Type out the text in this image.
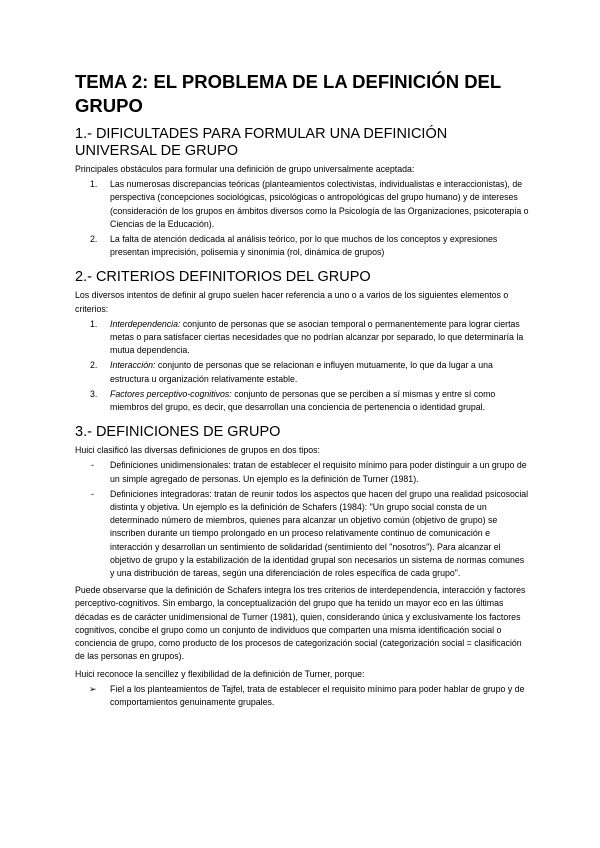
TEMA 2: EL PROBLEMA DE LA DEFINICIÓN DEL GRUPO
1.- DIFICULTADES PARA FORMULAR UNA DEFINICIÓN UNIVERSAL DE GRUPO

Principales obstáculos para formular una definición de grupo universalmente aceptada:

1.	Las numerosas discrepancias teóricas (planteamientos colectivistas, individualistas e interaccionistas), de perspectiva (concepciones sociológicas, psicológicas o antropológicas del grupo humano) y de intereses (consideración de los grupos en ámbitos diversos como la Psicología de las Organizaciones, psicoterapia o Ciencias de la Educación).
2.	La falta de atención dedicada al análisis teórico, por lo que muchos de los conceptos y expresiones presentan imprecisión, polisemia y sinonimia (rol, dinámica de grupos)
2.- CRITERIOS DEFINITORIOS DEL GRUPO

Los diversos intentos de definir al grupo suelen hacer referencia a uno o a varios de los siguientes elementos o criterios:

1.	Interdependencia: conjunto de personas que se asocian temporal o permanentemente para lograr ciertas metas o para satisfacer ciertas necesidades que no podrían alcanzar por separado, lo que determinaría la mutua dependencia.
2.	Interacción: conjunto de personas que se relacionan e influyen mutuamente, lo que da lugar a una estructura u organización relativamente estable.
3.	Factores perceptivo-cognitivos: conjunto de personas que se perciben a sí mismas y entre sí como miembros del grupo, es decir, que desarrollan una conciencia de pertenencia o identidad grupal.
3.- DEFINICIONES DE GRUPO

Huici clasificó las diversas definiciones de grupos en dos tipos:

-	Definiciones unidimensionales: tratan de establecer el requisito mínimo para poder distinguir a un grupo de un simple agregado de personas. Un ejemplo es la definición de Turner (1981).
-	Definiciones integradoras: tratan de reunir todos los aspectos que hacen del grupo una realidad psicosocial distinta y objetiva. Un ejemplo es la definición de Schafers (1984): "Un grupo social consta de un determinado número de miembros, quienes para alcanzar un objetivo común (objetivo de grupo) se inscriben durante un tiempo prolongado en un proceso relativamente continuo de comunicación e interacción y desarrollan un sentimiento de solidaridad (sentimiento del "nosotros"). Para alcanzar el objetivo de grupo y la estabilización de la identidad grupal son necesarios un sistema de normas comunes y una distribución de tareas, según una diferenciación de roles específica de cada grupo".

Puede observarse que la definición de Schafers integra los tres criterios de interdependencia, interacción y factores perceptivo-cognitivos. Sin embargo, la conceptualización del grupo que ha tenido un mayor eco en las últimas décadas es de carácter unidimensional de Turner (1981), quien, considerando única y exclusivamente los factores cognitivos, concibe el grupo como un conjunto de individuos que comparten una misma identificación social o conciencia de grupo, como producto de los procesos de categorización social (categorización social = clasificación de las personas en grupos).

Huici reconoce la sencillez y flexibilidad de la definición de Turner, porque:

➢	Fiel a los planteamientos de Tajfel, trata de establecer el requisito mínimo para poder hablar de grupo y de comportamientos genuinamente grupales.
